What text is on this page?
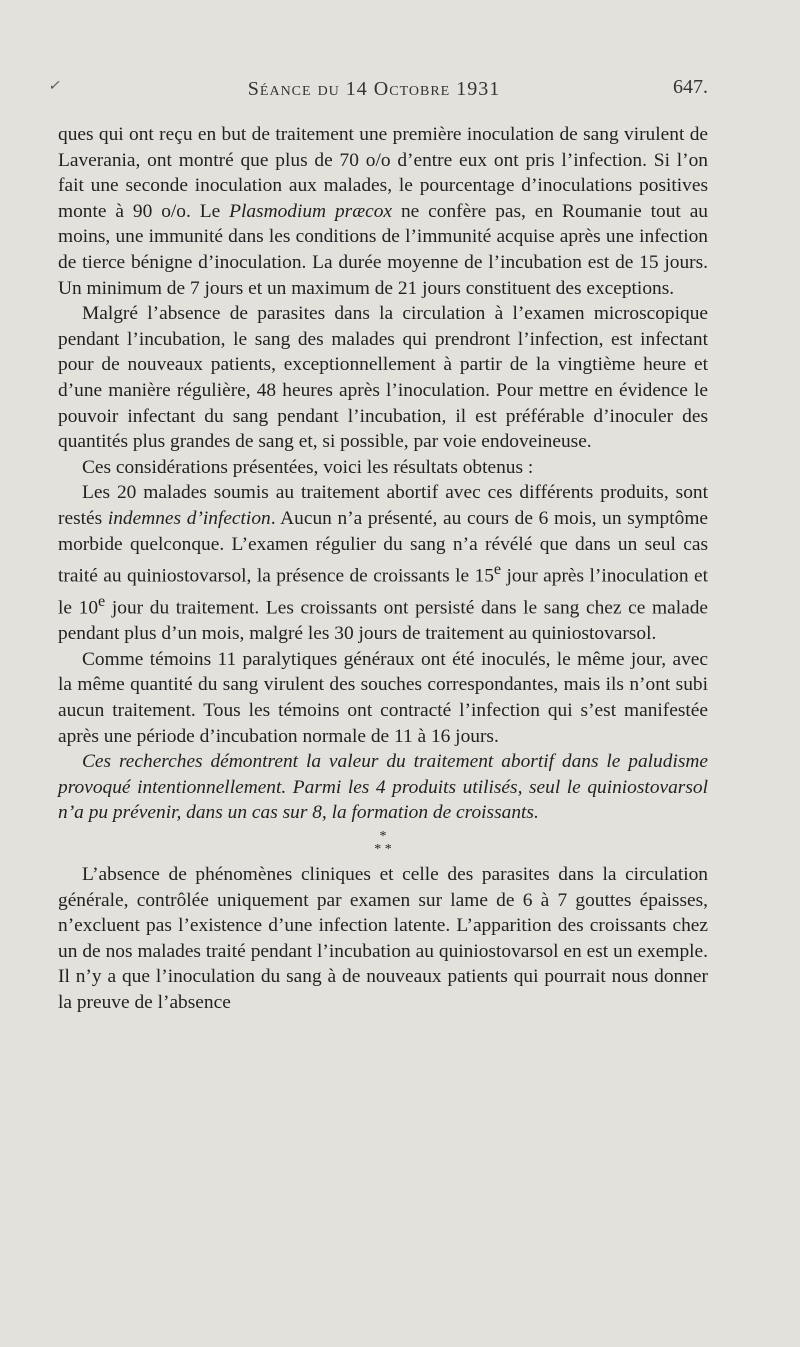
✓	Séance du 14 Octobre 1931	647.

ques qui ont reçu en but de traitement une première inoculation de sang virulent de Laverania, ont montré que plus de 70 o/o d’entre eux ont pris l’infection. Si l’on fait une seconde inoculation aux malades, le pourcentage d’inoculations positives monte à 90 o/o. Le Plasmodium præcox ne confère pas, en Roumanie tout au moins, une immunité dans les conditions de l’immunité acquise après une infection de tierce bénigne d’inoculation. La durée moyenne de l’incubation est de 15 jours. Un minimum de 7 jours et un maximum de 21 jours constituent des exceptions.

Malgré l’absence de parasites dans la circulation à l’examen microscopique pendant l’incubation, le sang des malades qui prendront l’infection, est infectant pour de nouveaux patients, exceptionnellement à partir de la vingtième heure et d’une manière régulière, 48 heures après l’inoculation. Pour mettre en évidence le pouvoir infectant du sang pendant l’incubation, il est préférable d’inoculer des quantités plus grandes de sang et, si possible, par voie endoveineuse.

Ces considérations présentées, voici les résultats obtenus :

Les 20 malades soumis au traitement abortif avec ces différents produits, sont restés indemnes d’infection. Aucun n’a présenté, au cours de 6 mois, un symptôme morbide quelconque. L’examen régulier du sang n’a révélé que dans un seul cas traité au quiniostovarsol, la présence de croissants le 15e jour après l’inoculation et le 10e jour du traitement. Les croissants ont persisté dans le sang chez ce malade pendant plus d’un mois, malgré les 30 jours de traitement au quiniostovarsol.

Comme témoins 11 paralytiques généraux ont été inoculés, le même jour, avec la même quantité du sang virulent des souches correspondantes, mais ils n’ont subi aucun traitement. Tous les témoins ont contracté l’infection qui s’est manifestée après une période d’incubation normale de 11 à 16 jours.

Ces recherches démontrent la valeur du traitement abortif dans le paludisme provoqué intentionnellement. Parmi les 4 produits utilisés, seul le quiniostovarsol n’a pu prévenir, dans un cas sur 8, la formation de croissants.

*
* *

L’absence de phénomènes cliniques et celle des parasites dans la circulation générale, contrôlée uniquement par examen sur lame de 6 à 7 gouttes épaisses, n’excluent pas l’existence d’une infection latente. L’apparition des croissants chez un de nos malades traité pendant l’incubation au quiniostovarsol en est un exemple. Il n’y a que l’inoculation du sang à de nouveaux patients qui pourrait nous donner la preuve de l’absence
